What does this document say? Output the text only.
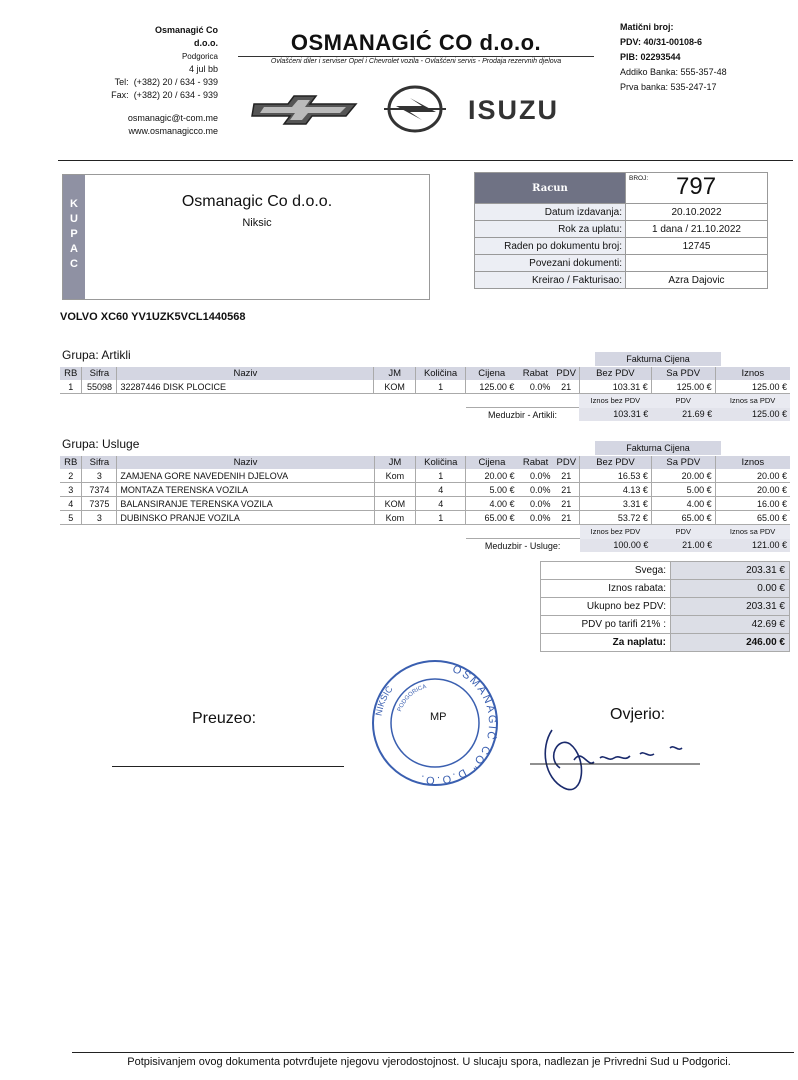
Osmanagić Co
d.o.o.
Podgorica
4 jul bb
Tel: (+382) 20 / 634 - 939
Fax: (+382) 20 / 634 - 939
osmanagic@t-com.me
www.osmanagicco.me
OSMANAGIĆ CO d.o.o.
Ovlašćeni diler i serviser Opel i Chevrolet vozila - Ovlašćeni servis - Prodaja rezervnih djelova
ISUZU
Matični broj:
PDV: 40/31-00108-6
PIB: 02293544
Addiko Banka: 555-357-48
Prva banka: 535-247-17
K
U
P
A
C
Osmanagic Co d.o.o.
Niksic
Racun	BROJ: 797

Datum izdavanja:	20.10.2022
Rok za uplatu:	1 dana / 21.10.2022
Raden po dokumentu broj:	12745
Povezani dokumenti:	
Kreirao / Fakturisao:	Azra Dajovic
VOLVO XC60 YV1UZK5VCL1440568
Grupa: Artikli	Fakturna Cijena
RB	Sifra	Naziv	JM	Količina	Cijena	Rabat	PDV	Bez PDV	Sa PDV	Iznos
1	55098	32287446 DISK PLOCICE	KOM	1	125.00 €	0.0%	21	103.31 €	125.00 €	125.00 €
								Iznos bez PDV	PDV	Iznos sa PDV
					Meduzbir - Artikli:			103.31 €	21.69 €	125.00 €
Grupa: Usluge	Fakturna Cijena
RB	Sifra	Naziv	JM	Količina	Cijena	Rabat	PDV	Bez PDV	Sa PDV	Iznos
2	3	ZAMJENA GORE NAVEDENIH DJELOVA	Kom	1	20.00 €	0.0%	21	16.53 €	20.00 €	20.00 €
3	7374	MONTAZA TERENSKA VOZILA		4	5.00 €	0.0%	21	4.13 €	5.00 €	20.00 €
4	7375	BALANSIRANJE TERENSKA VOZILA	KOM	4	4.00 €	0.0%	21	3.31 €	4.00 €	16.00 €
5	3	DUBINSKO PRANJE VOZILA	Kom	1	65.00 €	0.0%	21	53.72 €	65.00 €	65.00 €
								Iznos bez PDV	PDV	Iznos sa PDV
					Meduzbir - Usluge:			100.00 €	21.00 €	121.00 €
Svega:	203.31 €
Iznos rabata:	0.00 €
Ukupno bez PDV:	203.31 €
PDV po tarifi 21% :	42.69 €
Za naplatu:	246.00 €
Preuzeo:
OSMANAGIĆ CO" D.O.O.
NIKŠIĆ
PODGORICA
MP	Ovjerio:
Potpisivanjem ovog dokumenta potvrđujete njegovu vjerodostojnost. U slucaju spora, nadlezan je Privredni Sud u Podgorici.
